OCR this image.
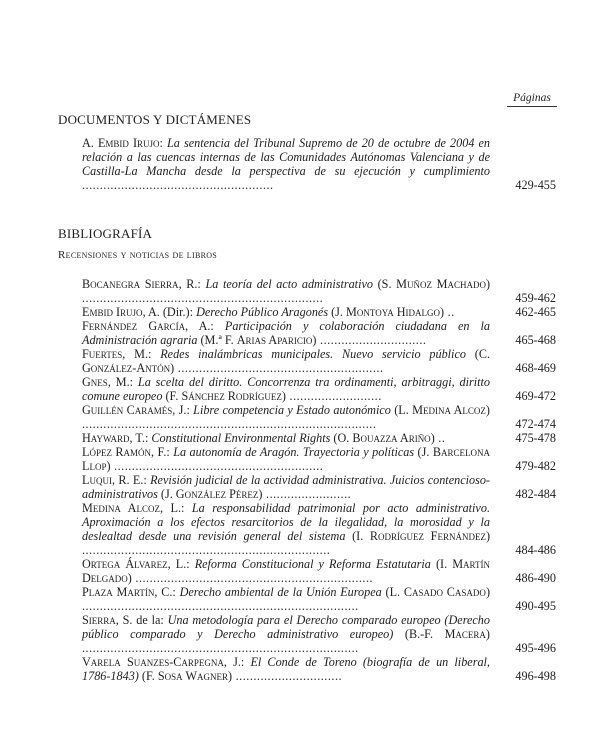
Páginas
DOCUMENTOS Y DICTÁMENES
A. Embid Irujo: La sentencia del Tribunal Supremo de 20 de octubre de 2004 en relación a las cuencas internas de las Comunidades Autónomas Valenciana y de Castilla-La Mancha desde la perspectiva de su ejecución y cumplimiento ......................................................	429-455
BIBLIOGRAFÍA
Recensiones y noticias de libros
Bocanegra Sierra, R.: La teoría del acto administrativo (S. Muñoz Machado) ....................................................................	459-462
Embid Irujo, A. (Dir.): Derecho Público Aragonés (J. Montoya Hidalgo) ..	462-465
Fernández García, A.: Participación y colaboración ciudadana en la Administración agraria (M.ª F. Arias Aparicio) ..............................	465-468
Fuertes, M.: Redes inalámbricas municipales. Nuevo servicio público (C. González-Antón) ..........................................................	468-469
Gnes, M.: La scelta del diritto. Concorrenza tra ordinamenti, arbitraggi, diritto comune europeo (F. Sánchez Rodríguez) ..........................	469-472
Guillén Caramés, J.: Libre competencia y Estado autonómico (L. Medina Alcoz) ...................................................................................	472-474
Hayward, T.: Constitutional Environmental Rights (O. Bouazza Ariño) ..	475-478
López Ramón, F.: La autonomía de Aragón. Trayectoria y políticas (J. Barcelona Llop) ...........................................................	479-482
Luqui, R. E.: Revisión judicial de la actividad administrativa. Juicios contencioso-administrativos (J. González Pérez) ........................	482-484
Medina Alcoz, L.: La responsabilidad patrimonial por acto administrativo. Aproximación a los efectos resarcitorios de la ilegalidad, la morosidad y la deslealtad desde una revisión general del sistema (I. Rodríguez Fernández) ......................................................................	484-486
Ortega Álvarez, L.: Reforma Constitucional y Reforma Estatutaria (I. Martín Delgado) ...................................................................	486-490
Plaza Martín, C.: Derecho ambiental de la Unión Europea (L. Casado Casado) ..............................................................................	490-495
Sierra, S. de la: Una metodología para el Derecho comparado europeo (Derecho público comparado y Derecho administrativo europeo) (B.-F. Macera) ..............................................................................	495-496
Varela Suanzes-Carpegna, J.: El Conde de Toreno (biografía de un liberal, 1786-1843) (F. Sosa Wagner) ..............................	496-498
